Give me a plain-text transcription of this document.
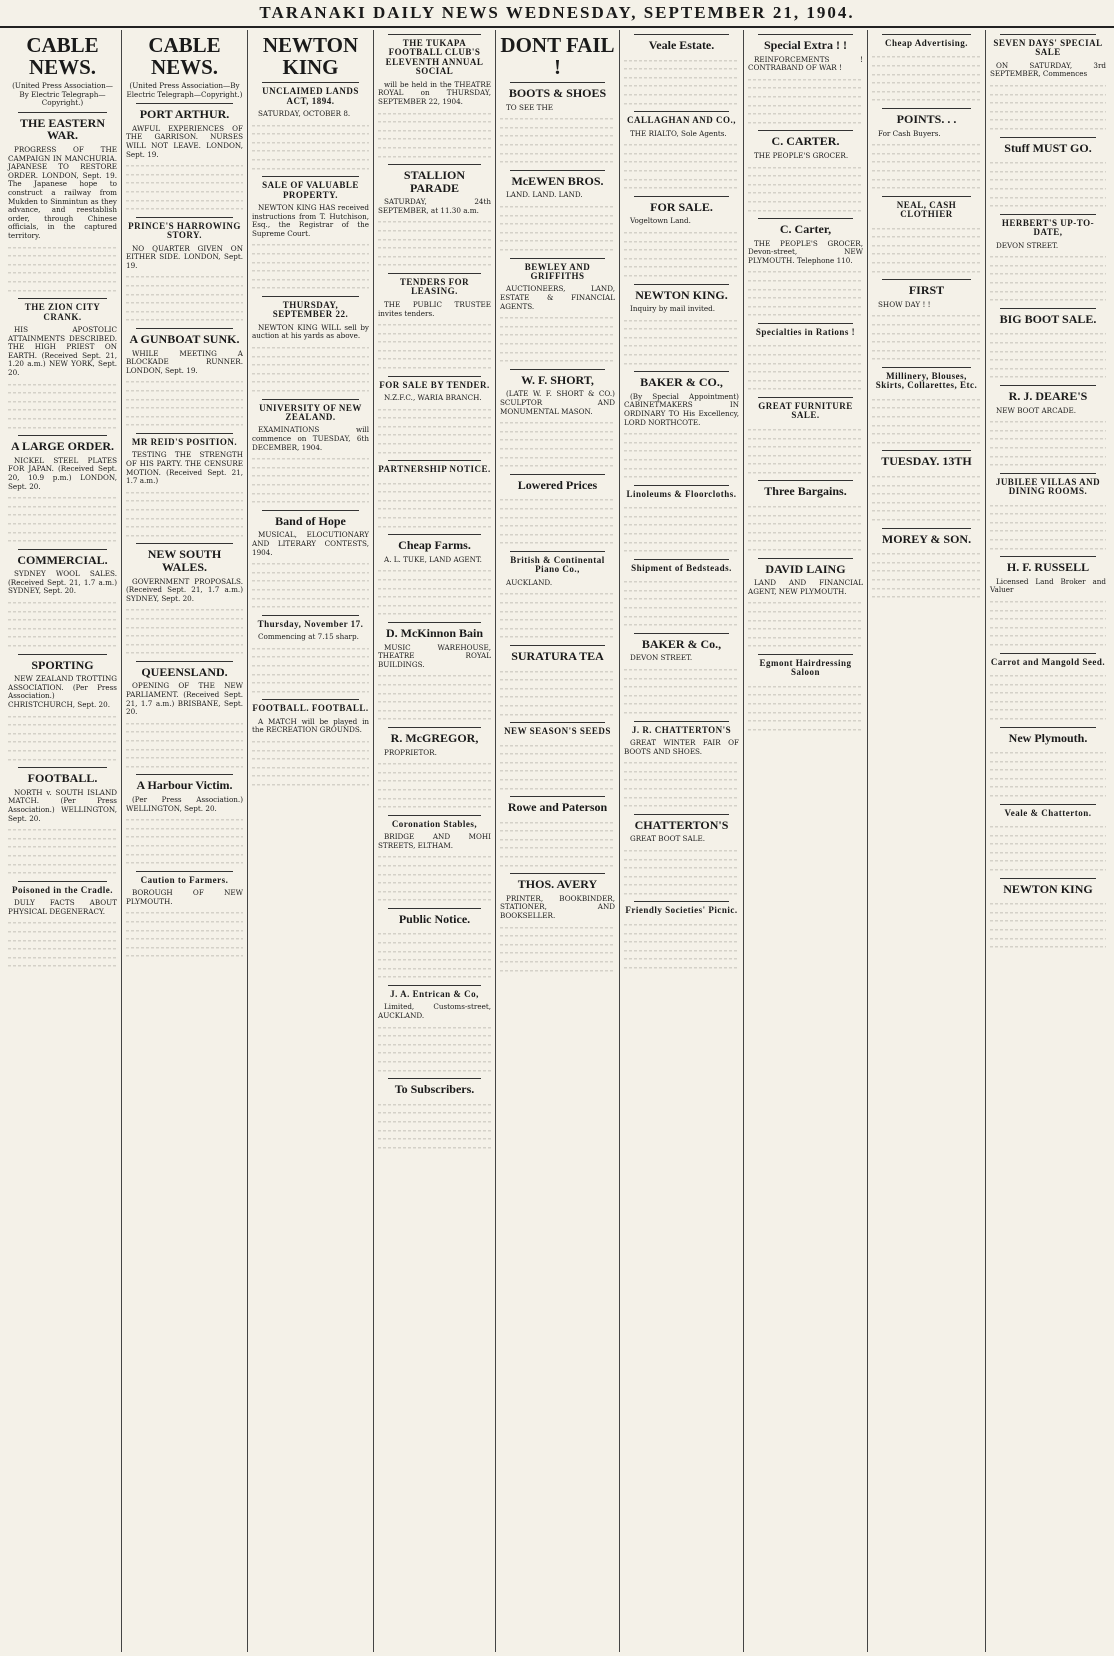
TARANAKI DAILY NEWS WEDNESDAY, SEPTEMBER 21, 1904.
CABLE NEWS.
(United Press Association—By Electric Telegraph—Copyright.)
THE EASTERN WAR.

PROGRESS OF THE CAMPAIGN IN MANCHURIA. JAPANESE TO RESTORE ORDER. LONDON, Sept. 19. The Japanese hope to construct a railway from Mukden to Sinmintun as they advance, and reestablish order, through Chinese officials, in the captured territory.

THE ZION CITY CRANK.

HIS APOSTOLIC ATTAINMENTS DESCRIBED. THE HIGH PRIEST ON EARTH. (Received Sept. 21, 1.20 a.m.) NEW YORK, Sept. 20.

A LARGE ORDER.

NICKEL STEEL PLATES FOR JAPAN. (Received Sept. 20, 10.9 p.m.) LONDON, Sept. 20.

COMMERCIAL.

SYDNEY WOOL SALES. (Received Sept. 21, 1.7 a.m.) SYDNEY, Sept. 20.

SPORTING

NEW ZEALAND TROTTING ASSOCIATION. (Per Press Association.) CHRISTCHURCH, Sept. 20.

FOOTBALL.

NORTH v. SOUTH ISLAND MATCH. (Per Press Association.) WELLINGTON, Sept. 20.

Poisoned in the Cradle.

DULY FACTS ABOUT PHYSICAL DEGENERACY.

CABLE NEWS.
(United Press Association—By Electric Telegraph—Copyright.)
PORT ARTHUR.

AWFUL EXPERIENCES OF THE GARRISON. NURSES WILL NOT LEAVE. LONDON, Sept. 19.

PRINCE'S HARROWING STORY.

NO QUARTER GIVEN ON EITHER SIDE. LONDON, Sept. 19.

A GUNBOAT SUNK.

WHILE MEETING A BLOCKADE RUNNER. LONDON, Sept. 19.

MR REID'S POSITION.

TESTING THE STRENGTH OF HIS PARTY. THE CENSURE MOTION. (Received Sept. 21, 1.7 a.m.)

NEW SOUTH WALES.

GOVERNMENT PROPOSALS. (Received Sept. 21, 1.7 a.m.) SYDNEY, Sept. 20.

QUEENSLAND.

OPENING OF THE NEW PARLIAMENT. (Received Sept. 21, 1.7 a.m.) BRISBANE, Sept. 20.

A Harbour Victim.

(Per Press Association.) WELLINGTON, Sept. 20.

Caution to Farmers.

BOROUGH OF NEW PLYMOUTH.

NEWTON KING
UNCLAIMED LANDS ACT, 1894.

SATURDAY, OCTOBER 8.

SALE OF VALUABLE PROPERTY.

NEWTON KING HAS received instructions from T. Hutchison, Esq., the Registrar of the Supreme Court.

THURSDAY, SEPTEMBER 22.

NEWTON KING WILL sell by auction at his yards as above.

UNIVERSITY OF NEW ZEALAND.

EXAMINATIONS will commence on TUESDAY, 6th DECEMBER, 1904.

Band of Hope

MUSICAL, ELOCUTIONARY AND LITERARY CONTESTS, 1904.

Thursday, November 17.

Commencing at 7.15 sharp.

FOOTBALL. FOOTBALL.

A MATCH will be played in the RECREATION GROUNDS.

THE TUKAPA FOOTBALL CLUB'S ELEVENTH ANNUAL SOCIAL

will be held in the THEATRE ROYAL on THURSDAY, SEPTEMBER 22, 1904.

STALLION PARADE

SATURDAY, 24th SEPTEMBER, at 11.30 a.m.

TENDERS FOR LEASING.

THE PUBLIC TRUSTEE invites tenders.

FOR SALE BY TENDER.

N.Z.F.C., WARIA BRANCH.

PARTNERSHIP NOTICE.
Cheap Farms.

A. L. TUKE, LAND AGENT.

D. McKinnon Bain

MUSIC WAREHOUSE, THEATRE ROYAL BUILDINGS.

R. McGREGOR,

PROPRIETOR.

Coronation Stables,

BRIDGE AND MOHI STREETS, ELTHAM.

Public Notice.
J. A. Entrican & Co,

Limited, Customs-street, AUCKLAND.

To Subscribers.
DONT FAIL !
BOOTS & SHOES

TO SEE THE

McEWEN BROS.

LAND. LAND. LAND.

BEWLEY AND GRIFFITHS

AUCTIONEERS, LAND, ESTATE & FINANCIAL AGENTS.

W. F. SHORT,

(LATE W. F. SHORT & CO.) SCULPTOR AND MONUMENTAL MASON.

Lowered Prices
British & Continental Piano Co.,

AUCKLAND.

SURATURA TEA
NEW SEASON'S SEEDS
Rowe and Paterson
THOS. AVERY

PRINTER, BOOKBINDER, STATIONER, AND BOOKSELLER.

Veale Estate.
CALLAGHAN AND CO.,

THE RIALTO, Sole Agents.

FOR SALE.

Vogeltown Land.

NEWTON KING.

Inquiry by mail invited.

BAKER & CO.,

(By Special Appointment) CABINETMAKERS IN ORDINARY TO His Excellency, LORD NORTHCOTE.

Linoleums & Floorcloths.
Shipment of Bedsteads.
BAKER & Co.,

DEVON STREET.

J. R. CHATTERTON'S

GREAT WINTER FAIR OF BOOTS AND SHOES.

CHATTERTON'S

GREAT BOOT SALE.

Friendly Societies' Picnic.
Special Extra ! !

REINFORCEMENTS ! CONTRABAND OF WAR !

C. CARTER.

THE PEOPLE'S GROCER.

C. Carter,

THE PEOPLE'S GROCER, Devon-street, NEW PLYMOUTH. Telephone 110.

Specialties in Rations !
GREAT FURNITURE SALE.
Three Bargains.
DAVID LAING

LAND AND FINANCIAL AGENT, NEW PLYMOUTH.

Egmont Hairdressing Saloon
Cheap Advertising.
POINTS. . .

For Cash Buyers.

NEAL, CASH CLOTHIER
FIRST

SHOW DAY ! !

Millinery, Blouses, Skirts, Collarettes, Etc.
TUESDAY. 13TH
MOREY & SON.
SEVEN DAYS' SPECIAL SALE

ON SATURDAY, 3rd SEPTEMBER, Commences

Stuff MUST GO.
HERBERT'S UP-TO-DATE,

DEVON STREET.

BIG BOOT SALE.
R. J. DEARE'S

NEW BOOT ARCADE.

JUBILEE VILLAS AND DINING ROOMS.
H. F. RUSSELL

Licensed Land Broker and Valuer

Carrot and Mangold Seed.
New Plymouth.
Veale & Chatterton.
NEWTON KING
